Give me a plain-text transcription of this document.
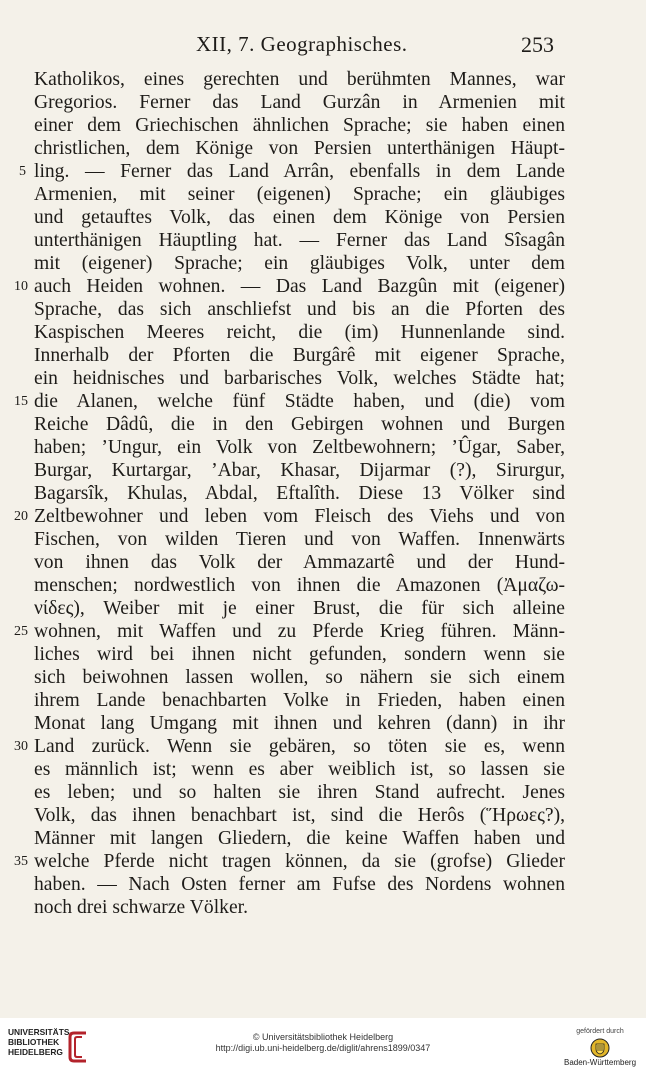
XII, 7. Geographisches.	253
Katholikos, eines gerechten und berühmten Mannes, war
Gregorios. Ferner das Land Gurzân in Armenien mit
einer dem Griechischen ähnlichen Sprache; sie haben einen
christlichen, dem Könige von Persien unterthänigen Häupt-
ling. — Ferner das Land Arrân, ebenfalls in dem Lande
Armenien, mit seiner (eigenen) Sprache; ein gläubiges
und getauftes Volk, das einen dem Könige von Persien
unterthänigen Häuptling hat. — Ferner das Land Sîsagân
mit (eigener) Sprache; ein gläubiges Volk, unter dem
auch Heiden wohnen. — Das Land Bazgûn mit (eigener)
Sprache, das sich anschliefst und bis an die Pforten des
Kaspischen Meeres reicht, die (im) Hunnenlande sind.
Innerhalb der Pforten die Burgârê mit eigener Sprache,
ein heidnisches und barbarisches Volk, welches Städte hat;
die Alanen, welche fünf Städte haben, und (die) vom
Reiche Dâdû, die in den Gebirgen wohnen und Burgen
haben; ’Ungur, ein Volk von Zeltbewohnern; ’Ûgar, Saber,
Burgar, Kurtargar, ’Abar, Khasar, Dijarmar (?), Sirurgur,
Bagarsîk, Khulas, Abdal, Eftalîth. Diese 13 Völker sind
Zeltbewohner und leben vom Fleisch des Viehs und von
Fischen, von wilden Tieren und von Waffen. Innenwärts
von ihnen das Volk der Ammazartê und der Hund-
menschen; nordwestlich von ihnen die Amazonen (Ἀμαζω-
νίδες), Weiber mit je einer Brust, die für sich alleine
wohnen, mit Waffen und zu Pferde Krieg führen. Männ-
liches wird bei ihnen nicht gefunden, sondern wenn sie
sich beiwohnen lassen wollen, so nähern sie sich einem
ihrem Lande benachbarten Volke in Frieden, haben einen
Monat lang Umgang mit ihnen und kehren (dann) in ihr
Land zurück. Wenn sie gebären, so töten sie es, wenn
es männlich ist; wenn es aber weiblich ist, so lassen sie
es leben; und so halten sie ihren Stand aufrecht. Jenes
Volk, das ihnen benachbart ist, sind die Herôs (Ἥρωες?),
Männer mit langen Gliedern, die keine Waffen haben und
welche Pferde nicht tragen können, da sie (grofse) Glieder
haben. — Nach Osten ferner am Fufse des Nordens wohnen
noch drei schwarze Völker.
5
10
15
20
25
30
35
UNIVERSITÄTS-
BIBLIOTHEK
HEIDELBERG
© Universitätsbibliothek Heidelberg
http://digi.ub.uni-heidelberg.de/diglit/ahrens1899/0347
gefördert durch
Baden-Württemberg
